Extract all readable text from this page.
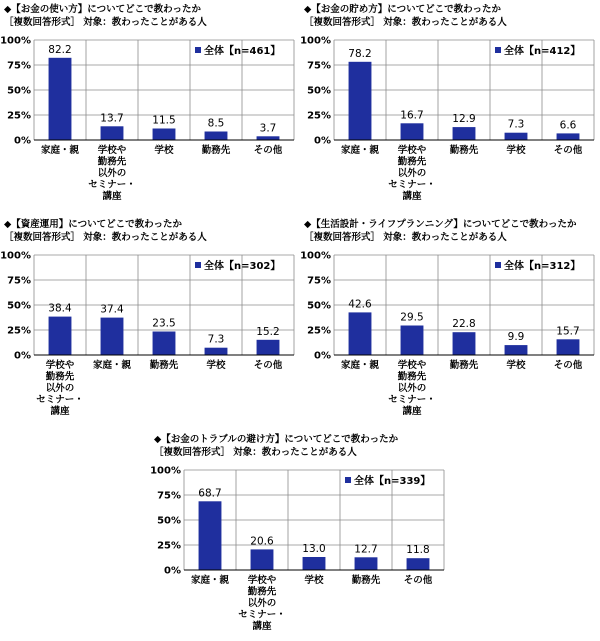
◆【お金の使い方】についてどこで教わったか
［複数回答形式］ 対象：教わったことがある人
0%
25%
50%
75%
100%
82.2
13.7	11.5	8.5	3.7
家庭・親	学校や勤務先以外のセミナー・講座
学校	勤務先 その他
全体【n=461】
◆【お金の貯め方】についてどこで教わったか
［複数回答形式］ 対象：教わったことがある人
0%
25%
50%
75%
100%
78.2
16.7	12.9	7.3	6.6
家庭・親	学校や勤務先以外のセミナー・講座
勤務先	学校	その他
全体【n=412】
◆【資産運用】についてどこで教わったか
［複数回答形式］ 対象：教わったことがある人
0%
25%
50%
75%
100%
38.4	37.4
23.5
7.3
15.2
学校や勤務先以外のセミナー・講座
家庭・親 勤務先	学校	その他
全体【n=302】
◆【生活設計・ライフプランニング】についてどこで教わったか
［複数回答形式］ 対象：教わったことがある人
0%
25%
50%
75%
100%
42.6
29.5
22.8
9.9	15.7
家庭・親	学校や勤務先以外のセミナー・講座
勤務先	学校	その他
全体【n=312】
◆【お金のトラブルの避け方】についてどこで教わったか
［複数回答形式］ 対象：教わったことがある人
0%
25%
50%
75%
100%
68.7
20.6
13.0	12.7	11.8
家庭・親	学校や勤務先以外のセミナー・講座
学校	勤務先 その他
全体【n=339】
